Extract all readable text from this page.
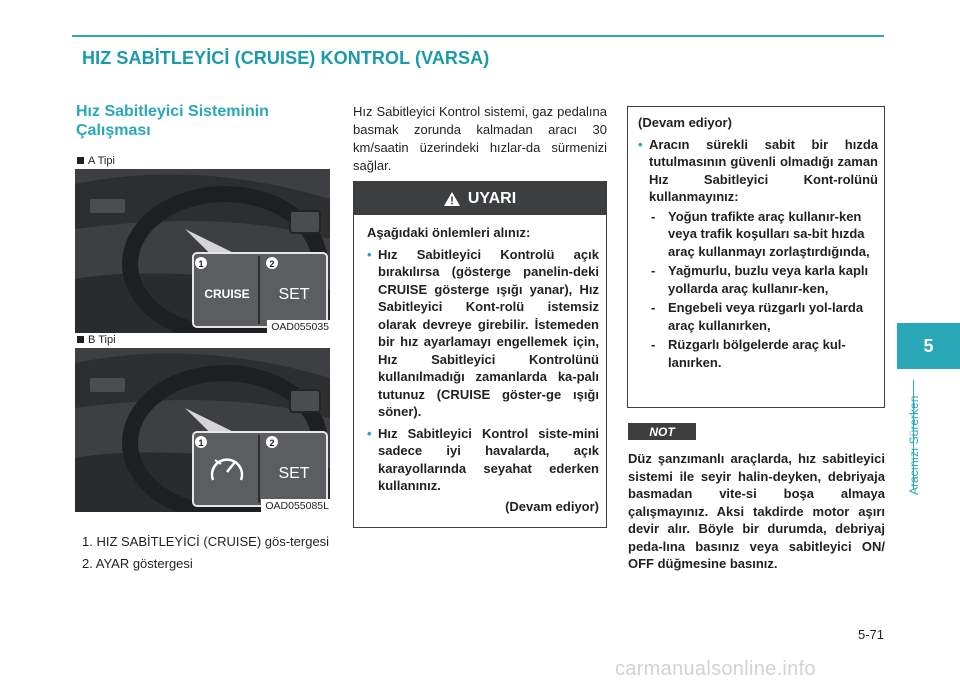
HIZ SABİTLEYİCİ (CRUISE) KONTROL (VARSA)
Hız Sabitleyici Sisteminin
Çalışması
A Tipi
1	2
CRUISE SET
OAD055035
B Tipi
1	2
SET
OAD055085L
1. HIZ SABİTLEYİCİ (CRUISE) gös-tergesi
2. AYAR göstergesi
Hız Sabitleyici Kontrol sistemi, gaz pedalına basmak zorunda kalmadan aracı 30 km/saatin üzerindeki hızlar-da sürmenizi sağlar.
UYARI
Aşağıdaki önlemleri alınız:
• Hız Sabitleyici Kontrolü açık bırakılırsa (gösterge panelin-deki CRUISE gösterge ışığı yanar), Hız Sabitleyici Kont-rolü istemsiz olarak devreye girebilir. İstemeden bir hız ayarlamayı engellemek için, Hız Sabitleyici Kontrolünü kullanılmadığı zamanlarda ka-palı tutunuz (CRUISE göster-ge ışığı söner).
• Hız Sabitleyici Kontrol siste-mini sadece iyi havalarda, açık karayollarında seyahat ederken kullanınız.
(Devam ediyor)
(Devam ediyor)
• Aracın sürekli sabit bir hızda tutulmasının güvenli olmadığı zaman Hız Sabitleyici Kont-rolünü kullanmayınız:
- Yoğun trafikte araç kullanır-ken veya trafik koşulları sa-bit hızda araç kullanmayı zorlaştırdığında,
- Yağmurlu, buzlu veya karla kaplı yollarda araç kullanır-ken,
- Engebeli veya rüzgarlı yol-larda araç kullanırken,
- Rüzgarlı bölgelerde araç kul-lanırken.
NOT
Düz şanzımanlı araçlarda, hız sabitleyici sistemi ile seyir halin-deyken, debriyaja basmadan vite-si boşa almaya çalışmayınız. Aksi takdirde motor aşırı devir alır. Böyle bir durumda, debriyaj peda-lına basınız veya sabitleyici ON/ OFF düğmesine basınız.
5
Aracınızı Sürerken
5-71
carmanualsonline.info
